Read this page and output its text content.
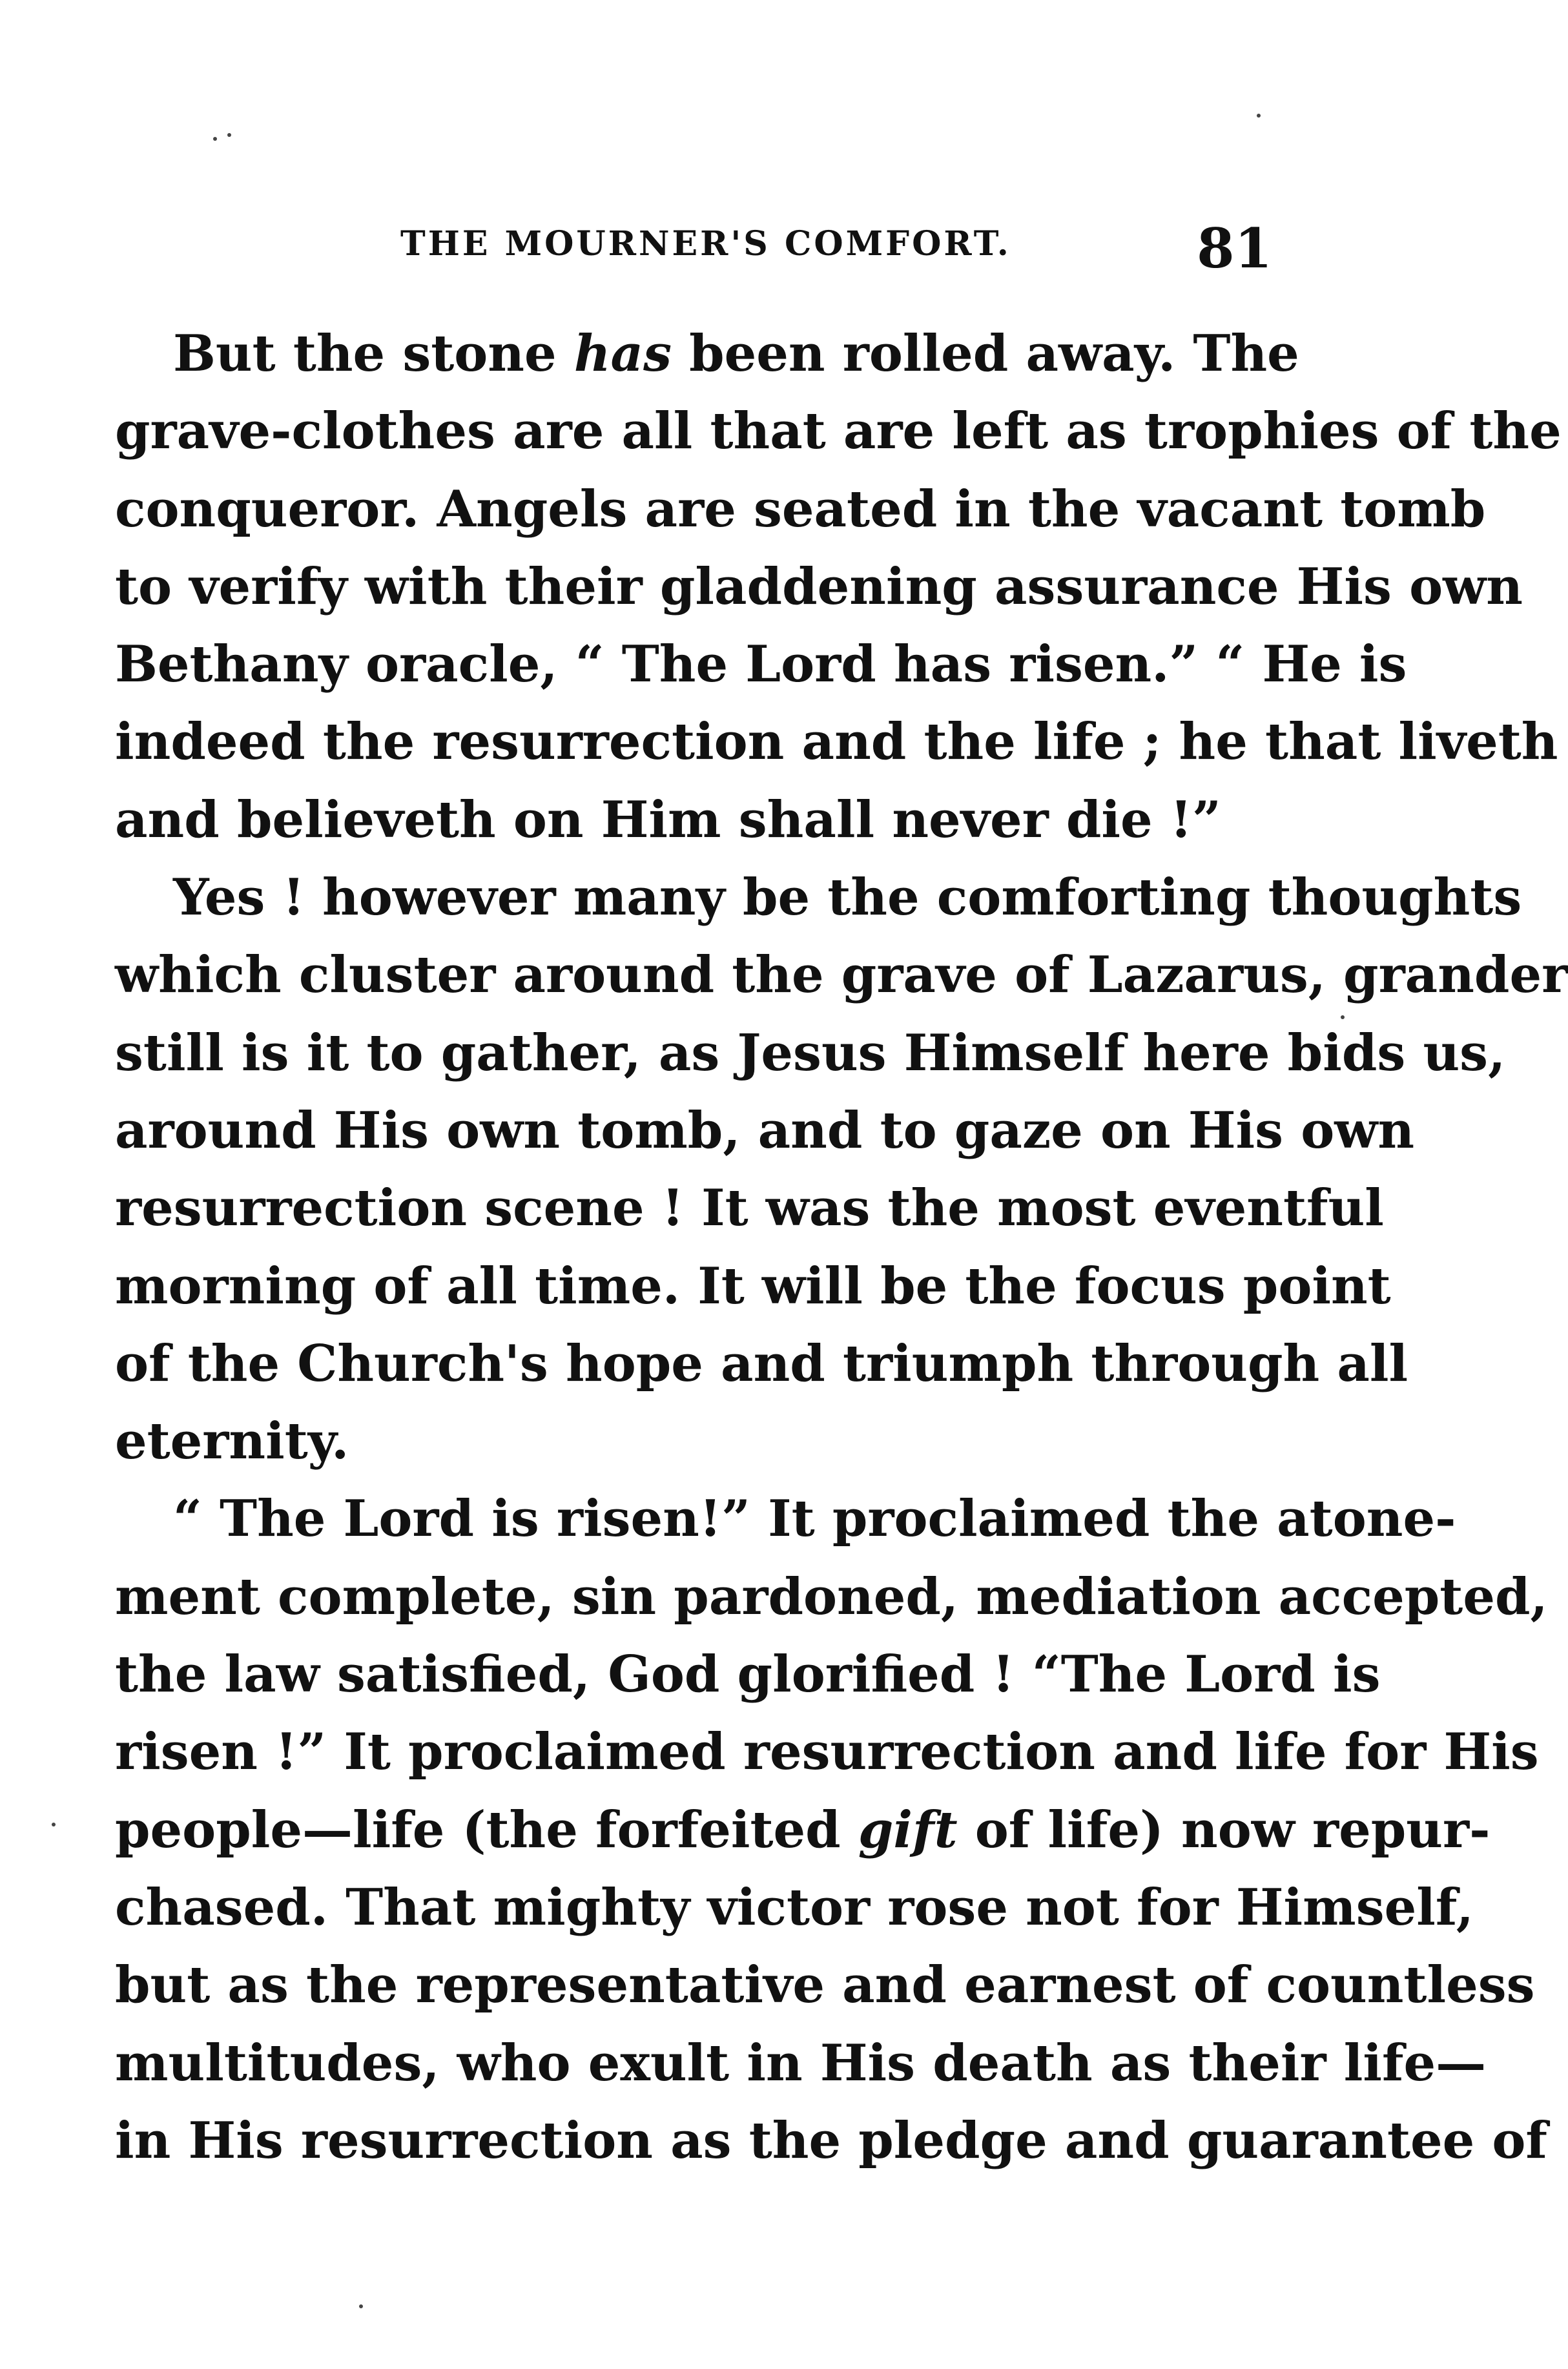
THE MOURNER'S COMFORT.	81
But the stone has been rolled away. The
grave-clothes are all that are left as trophies of the
conqueror. Angels are seated in the vacant tomb
to verify with their gladdening assurance His own
Bethany oracle, “ The Lord has risen.” “ He is
indeed the resurrection and the life ; he that liveth
and believeth on Him shall never die !”
Yes ! however many be the comforting thoughts
which cluster around the grave of Lazarus, grander
still is it to gather, as Jesus Himself here bids us,
around His own tomb, and to gaze on His own
resurrection scene ! It was the most eventful
morning of all time. It will be the focus point
of the Church's hope and triumph through all
eternity.
“ The Lord is risen!” It proclaimed the atone-
ment complete, sin pardoned, mediation accepted,
the law satisfied, God glorified ! “The Lord is
risen !” It proclaimed resurrection and life for His
people—life (the forfeited gift of life) now repur-
chased. That mighty victor rose not for Himself,
but as the representative and earnest of countless
multitudes, who exult in His death as their life—
in His resurrection as the pledge and guarantee of
